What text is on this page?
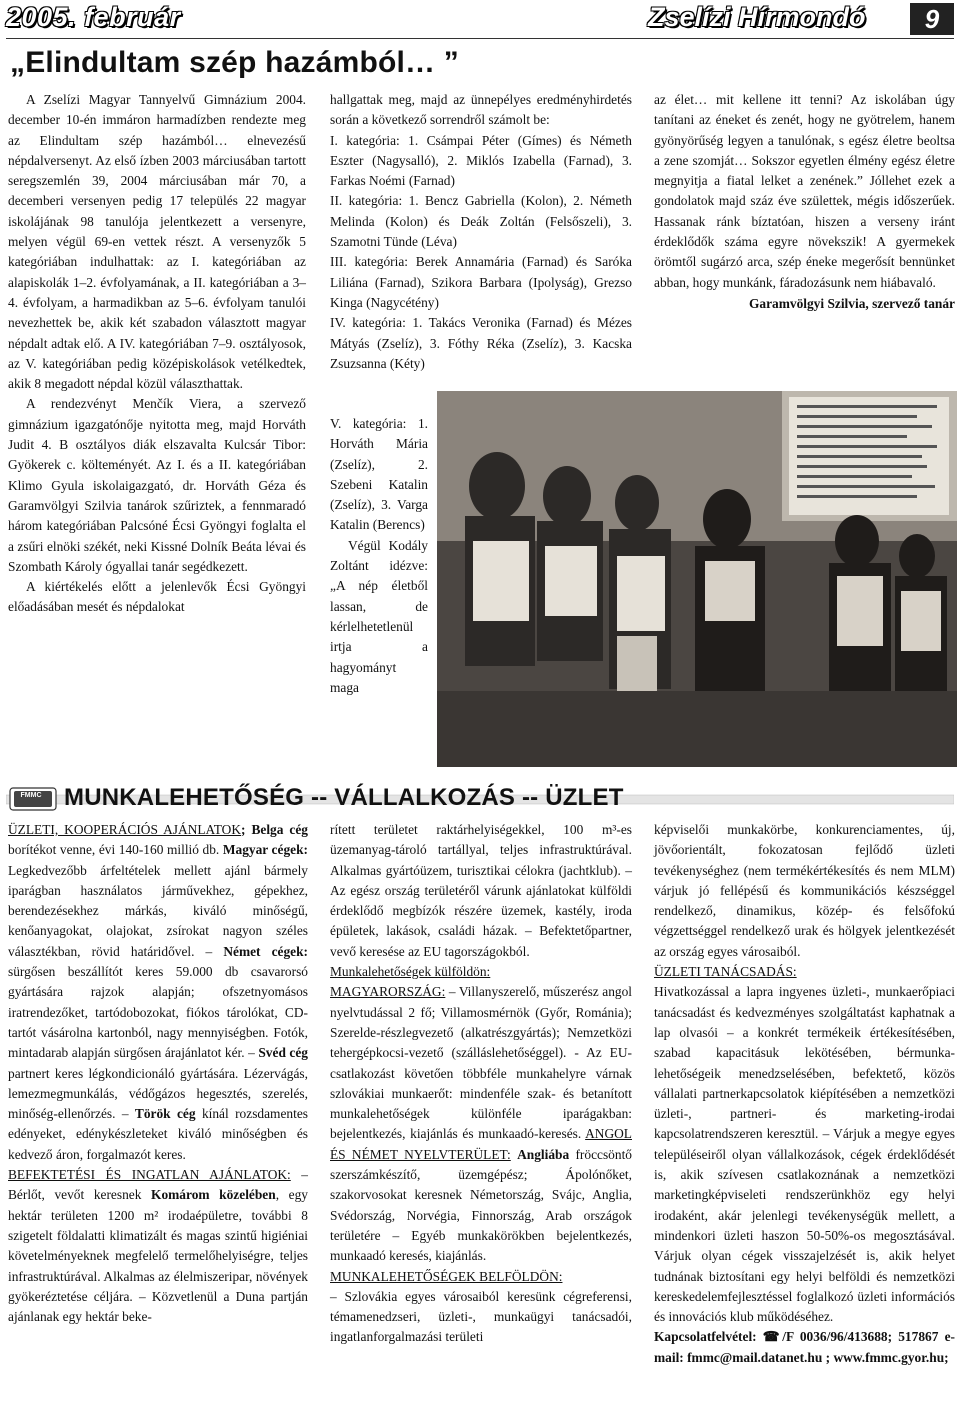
2005. február	Zselízi Hírmondó	9
„Elindultam szép hazámból… ”

A Zselízi Magyar Tannyelvű Gimnázium 2004. december 10-én immáron harmadízben rendezte meg az Elindultam szép hazámból… elnevezésű népdalversenyt. Az első ízben 2003 márciusában tartott seregszemlén 39, 2004 márciusában már 70, a decemberi versenyen pedig 17 település 22 magyar iskolájának 98 tanulója jelentkezett a versenyre, melyen végül 69-en vettek részt. A versenyzők 5 kategóriában indulhattak: az I. kategóriában az alapiskolák 1–2. évfolyamának, a II. kategóriában a 3–4. évfolyam, a harmadikban az 5–6. évfolyam tanulói nevezhettek be, akik két szabadon választott magyar népdalt adtak elő. A IV. kategóriában 7–9. osztályosok, az V. kategóriában pedig középiskolások vetélkedtek, akik 8 megadott népdal közül választhattak.

A rendezvényt Menčík Viera, a szervező gimnázium igazgatónője nyitotta meg, majd Horváth Judit 4. B osztályos diák elszavalta Kulcsár Tibor: Gyökerek c. költeményét. Az I. és a II. kategóriában Klimo Gyula iskolaigazgató, dr. Horváth Géza és Garamvölgyi Szilvia tanárok szűriztek, a fennmaradó három kategóriában Palcsóné Écsi Gyöngyi foglalta el a zsűri elnöki székét, neki Kissné Dolník Beáta lévai és Szombath Károly ógyallai tanár segédkezett.

A kiértékelés előtt a jelenlevők Écsi Gyöngyi előadásában mesét és népdalokat

hallgattak meg, majd az ünnepélyes eredményhirdetés során a következő sorrendről számolt be:

I. kategória: 1. Csámpai Péter (Gímes) és Németh Eszter (Nagysalló), 2. Miklós Izabella (Farnad), 3. Farkas Noémi (Farnad)

II. kategória: 1. Bencz Gabriella (Kolon), 2. Németh Melinda (Kolon) és Deák Zoltán (Felsőszeli), 3. Szamotni Tünde (Léva)

III. kategória: Berek Annamária (Farnad) és Saróka Liliána (Farnad), Szikora Barbara (Ipolyság), Grezso Kinga (Nagycétény)

IV. kategória: 1. Takács Veronika (Farnad) és Mézes Mátyás (Zselíz), 3. Fóthy Réka (Zselíz), 3. Kacska Zsuzsanna (Kéty)

V. kategória: 1. Horváth Mária (Zselíz), 2. Szebeni Katalin (Zselíz), 3. Varga Katalin (Berencs)

Végül Kodály Zoltánt idézve: „A nép életből lassan, de kérlelhetetlenül irtja a hagyományt maga

az élet… mit kellene itt tenni? Az iskolában úgy tanítani az éneket és zenét, hogy ne gyötrelem, hanem gyönyörűség legyen a tanulónak, s egész életre beoltsa a zene szomját… Sokszor egyetlen élmény egész életre megnyitja a fiatal lelket a zenének.” Jóllehet ezek a gondolatok majd száz éve születtek, mégis időszerűek. Hassanak ránk bíztatóan, hiszen a verseny iránt érdeklődők száma egyre növekszik! A gyermekek örömtől sugárzó arca, szép éneke megerősít bennünket abban, hogy munkánk, fáradozásunk nem hiábavaló.

Garamvölgyi Szilvia, szervező tanár

FMMC MUNKALEHETŐSÉG -- VÁLLALKOZÁS -- ÜZLET

ÜZLETI, KOOPERÁCIÓS AJÁNLATOK; Belga cég borítékot venne, évi 140-160 millió db. Magyar cégek: Legkedvezőbb árfeltételek mellett ajánl bármely iparágban használatos járművekhez, gépekhez, berendezésekhez márkás, kiváló minőségű, kenőanyagokat, olajokat, zsírokat nagyon széles választékban, rövid határidővel. – Német cégek: sürgősen beszállítót keres 59.000 db csavarorsó gyártására rajzok alapján; ofszetnyomásos iratrendezőket, tartódobozokat, fiókos tárolókat, CD-tartót vásárolna kartonból, nagy mennyiségben. Fotók, mintadarab alapján sürgősen árajánlatot kér. – Svéd cég partnert keres légkondicionáló gyártására. Lézervágás, lemezmegmunkálás, védőgázos hegesztés, szerelés, minőség-ellenőrzés. – Török cég kínál rozsdamentes edényeket, edénykészleteket kiváló minőségben és kedvező áron, forgalmazót keres.

BEFEKTETÉSI ÉS INGATLAN AJÁNLATOK: – Bérlőt, vevőt keresnek Komárom közelében, egy hektár területen 1200 m² irodaépületre, további 8 szigetelt földalatti klimatizált és magas szintű higiéniai követelményeknek megfelelő termelőhelyiségre, teljes infrastruktúrával. Alkalmas az élelmiszeripar, növények gyökeréztetése céljára. – Közvetlenül a Duna partján ajánlanak egy hektár beke-

rített területet raktárhelyiségekkel, 100 m³-es üzemanyag-tároló tartállyal, teljes infrastruktúrával. Alkalmas gyártóüzem, turisztikai célokra (jachtklub). – Az egész ország területéről várunk ajánlatokat külföldi érdeklődő megbízók részére üzemek, kastély, iroda épületek, lakások, családi házak. – Befektetőpartner, vevő keresése az EU tagországokból.

Munkalehetőségek külföldön:

MAGYARORSZÁG: – Villanyszerelő, műszerész angol nyelvtudással 2 fő; Villamosmérnök (Győr, Románia); Szerelde-részlegvezető (alkatrészgyártás); Nemzetközi tehergépkocsi-vezető (szálláslehetőséggel). - Az EU-csatlakozást követően többféle munkahelyre várnak szlovákiai munkaerőt: mindenféle szak- és betanított munkalehetőségek különféle iparágakban: bejelentkezés, kiajánlás és munkaadó-keresés. ANGOL ÉS NÉMET NYELVTERÜLET: Angliába fröccsöntő szerszámkészítő, üzemgépész; Ápolónőket, szakorvosokat keresnek Németország, Svájc, Anglia, Svédország, Norvégia, Finnország, Arab országok területére – Egyéb munkakörökben bejelentkezés, munkaadó keresés, kiajánlás.

MUNKALEHETŐSÉGEK BELFÖLDÖN:

– Szlovákia egyes városaiból keresünk cégreferensi, témamenedzseri, üzleti-, munkaügyi tanácsadói, ingatlanforgalmazási területi

képviselői munkakörbe, konkurenciamentes, új, jövőorientált, fokozatosan fejlődő üzleti tevékenységhez (nem termékértékesítés és nem MLM) várjuk jó fellépésű és kommunikációs készséggel rendelkező, dinamikus, közép- és felsőfokú végzettséggel rendelkező urak és hölgyek jelentkezését az ország egyes városaiból.

ÜZLETI TANÁCSADÁS:

Hivatkozással a lapra ingyenes üzleti-, munkaerőpiaci tanácsadást és kedvezményes szolgáltatást kaphatnak a lap olvasói – a konkrét termékeik értékesítésében, szabad kapacitásuk lekötésében, bérmunka-lehetőségeik menedzselésében, befektető, közös vállalati partnerkapcsolatok kiépítésében a nemzetközi üzleti-, partneri- és marketing-irodai kapcsolatrendszeren keresztül. – Várjuk a megye egyes településeiről olyan vállalkozások, cégek érdeklődését is, akik szívesen csatlakoznának a nemzetközi marketingképviseleti rendszerünkhöz egy helyi irodaként, akár jelenlegi tevékenységük mellett, a mindenkori üzleti haszon 50-50%-os megosztásával. Várjuk olyan cégek visszajelzését is, akik helyet tudnának biztosítani egy helyi belföldi és nemzetközi kereskedelemfejlesztéssel foglalkozó üzleti információs és innovációs klub működéséhez.

Kapcsolatfelvétel: ☎/F 0036/96/413688; 517867 e-mail: fmmc@mail.datanet.hu ; www.fmmc.gyor.hu;
